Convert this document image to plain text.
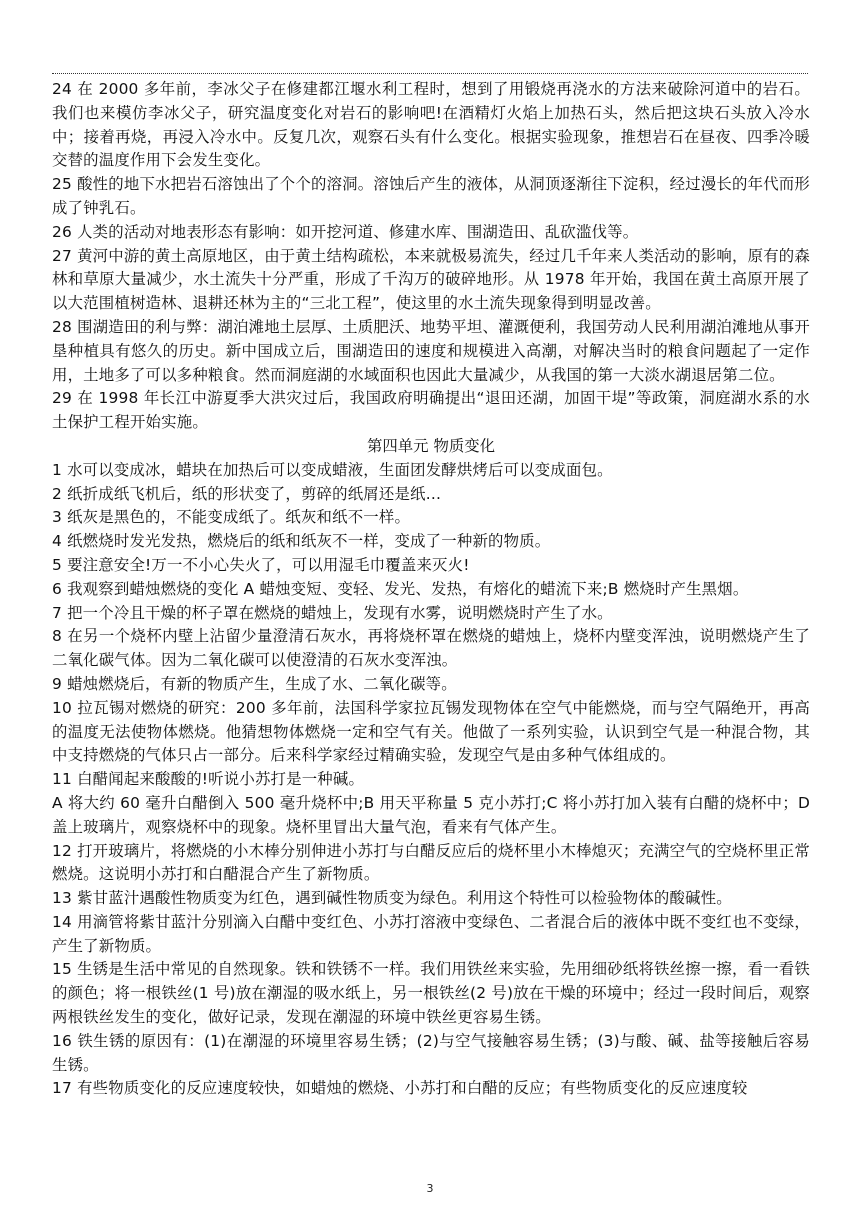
24 在 2000 多年前，李冰父子在修建都江堰水利工程时，想到了用锻烧再浇水的方法来破除河道中的岩石。我们也来模仿李冰父子，研究温度变化对岩石的影响吧!在酒精灯火焰上加热石头，然后把这块石头放入冷水中；接着再烧，再浸入冷水中。反复几次，观察石头有什么变化。根据实验现象，推想岩石在昼夜、四季冷暖交替的温度作用下会发生变化。

25 酸性的地下水把岩石溶蚀出了个个的溶洞。溶蚀后产生的液体，从洞顶逐渐往下淀积，经过漫长的年代而形成了钟乳石。

26 人类的活动对地表形态有影响：如开挖河道、修建水库、围湖造田、乱砍滥伐等。

27 黄河中游的黄土高原地区，由于黄土结构疏松，本来就极易流失，经过几千年来人类活动的影响，原有的森林和草原大量减少，水土流失十分严重，形成了千沟万的破碎地形。从 1978 年开始，我国在黄土高原开展了以大范围植树造林、退耕还林为主的“三北工程”，使这里的水土流失现象得到明显改善。

28 围湖造田的利与弊：湖泊滩地土层厚、土质肥沃、地势平坦、灌溉便利，我国劳动人民利用湖泊滩地从事开垦种植具有悠久的历史。新中国成立后，围湖造田的速度和规模进入高潮，对解决当时的粮食问题起了一定作用，土地多了可以多种粮食。然而洞庭湖的水域面积也因此大量减少，从我国的第一大淡水湖退居第二位。

29 在 1998 年长江中游夏季大洪灾过后，我国政府明确提出“退田还湖，加固干堤”等政策，洞庭湖水系的水土保护工程开始实施。

第四单元 物质变化

1 水可以变成冰，蜡块在加热后可以变成蜡液，生面团发酵烘烤后可以变成面包。

2 纸折成纸飞机后，纸的形状变了，剪碎的纸屑还是纸…

3 纸灰是黑色的，不能变成纸了。纸灰和纸不一样。

4 纸燃烧时发光发热，燃烧后的纸和纸灰不一样，变成了一种新的物质。

5 要注意安全!万一不小心失火了，可以用湿毛巾覆盖来灭火!

6 我观察到蜡烛燃烧的变化 A 蜡烛变短、变轻、发光、发热，有熔化的蜡流下来;B 燃烧时产生黑烟。

7 把一个冷且干燥的杯子罩在燃烧的蜡烛上，发现有水雾，说明燃烧时产生了水。

8 在另一个烧杯内壁上沾留少量澄清石灰水，再将烧杯罩在燃烧的蜡烛上，烧杯内壁变浑浊，说明燃烧产生了二氧化碳气体。因为二氧化碳可以使澄清的石灰水变浑浊。

9 蜡烛燃烧后，有新的物质产生，生成了水、二氧化碳等。

10 拉瓦锡对燃烧的研究：200 多年前，法国科学家拉瓦锡发现物体在空气中能燃烧，而与空气隔绝开，再高的温度无法使物体燃烧。他猜想物体燃烧一定和空气有关。他做了一系列实验，认识到空气是一种混合物，其中支持燃烧的气体只占一部分。后来科学家经过精确实验，发现空气是由多种气体组成的。

11 白醋闻起来酸酸的!听说小苏打是一种碱。

A 将大约 60 毫升白醋倒入 500 毫升烧杯中;B 用天平称量 5 克小苏打;C 将小苏打加入装有白醋的烧杯中；D 盖上玻璃片，观察烧杯中的现象。烧杯里冒出大量气泡，看来有气体产生。

12 打开玻璃片，将燃烧的小木棒分别伸进小苏打与白醋反应后的烧杯里小木棒熄灭；充满空气的空烧杯里正常燃烧。这说明小苏打和白醋混合产生了新物质。

13 紫甘蓝汁遇酸性物质变为红色，遇到碱性物质变为绿色。利用这个特性可以检验物体的酸碱性。

14 用滴管将紫甘蓝汁分别滴入白醋中变红色、小苏打溶液中变绿色、二者混合后的液体中既不变红也不变绿，产生了新物质。

15 生锈是生活中常见的自然现象。铁和铁锈不一样。我们用铁丝来实验，先用细砂纸将铁丝擦一擦，看一看铁的颜色；将一根铁丝(1 号)放在潮湿的吸水纸上，另一根铁丝(2 号)放在干燥的环境中；经过一段时间后，观察两根铁丝发生的变化，做好记录，发现在潮湿的环境中铁丝更容易生锈。

16 铁生锈的原因有：(1)在潮湿的环境里容易生锈；(2)与空气接触容易生锈；(3)与酸、碱、盐等接触后容易生锈。

17 有些物质变化的反应速度较快，如蜡烛的燃烧、小苏打和白醋的反应；有些物质变化的反应速度较

3
